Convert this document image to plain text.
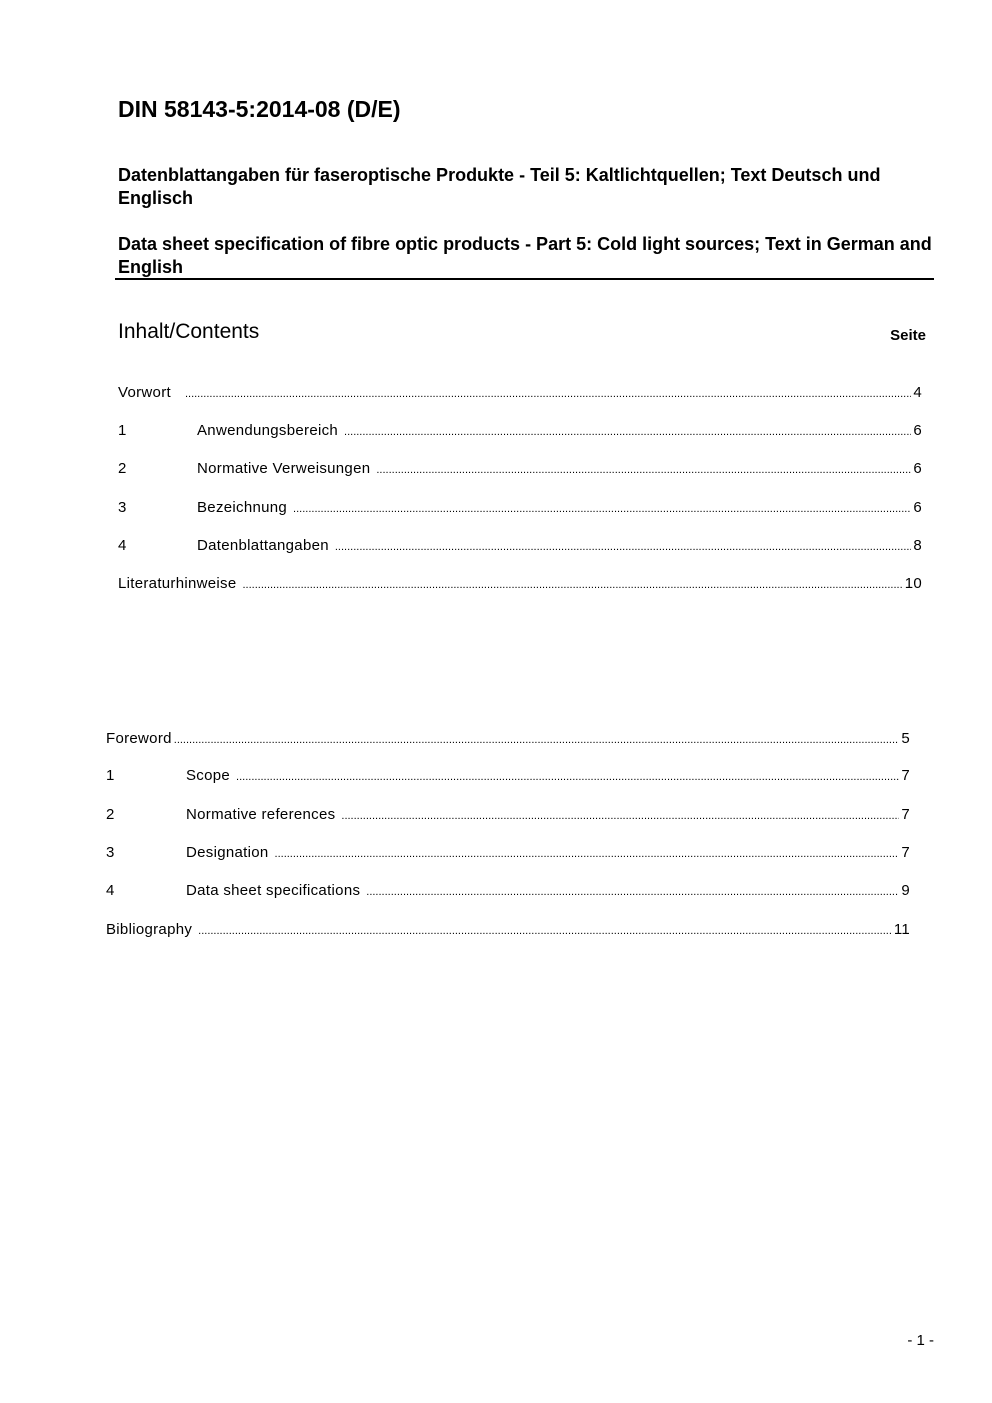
DIN 58143-5:2014-08 (D/E)
Datenblattangaben für faseroptische Produkte - Teil 5: Kaltlichtquellen; Text Deutsch und Englisch
Data sheet specification of fibre optic products - Part 5: Cold light sources; Text in German and English
Inhalt/Contents	Seite
Vorwort .....	4
1	Anwendungsbereich .....	6
2	Normative Verweisungen .....	6
3	Bezeichnung .....	6
4	Datenblattangaben .....	8
Literaturhinweise .....	10
Foreword .....	5
1	Scope .....	7
2	Normative references .....	7
3	Designation .....	7
4	Data sheet specifications .....	9
Bibliography .....	11
- 1 -
